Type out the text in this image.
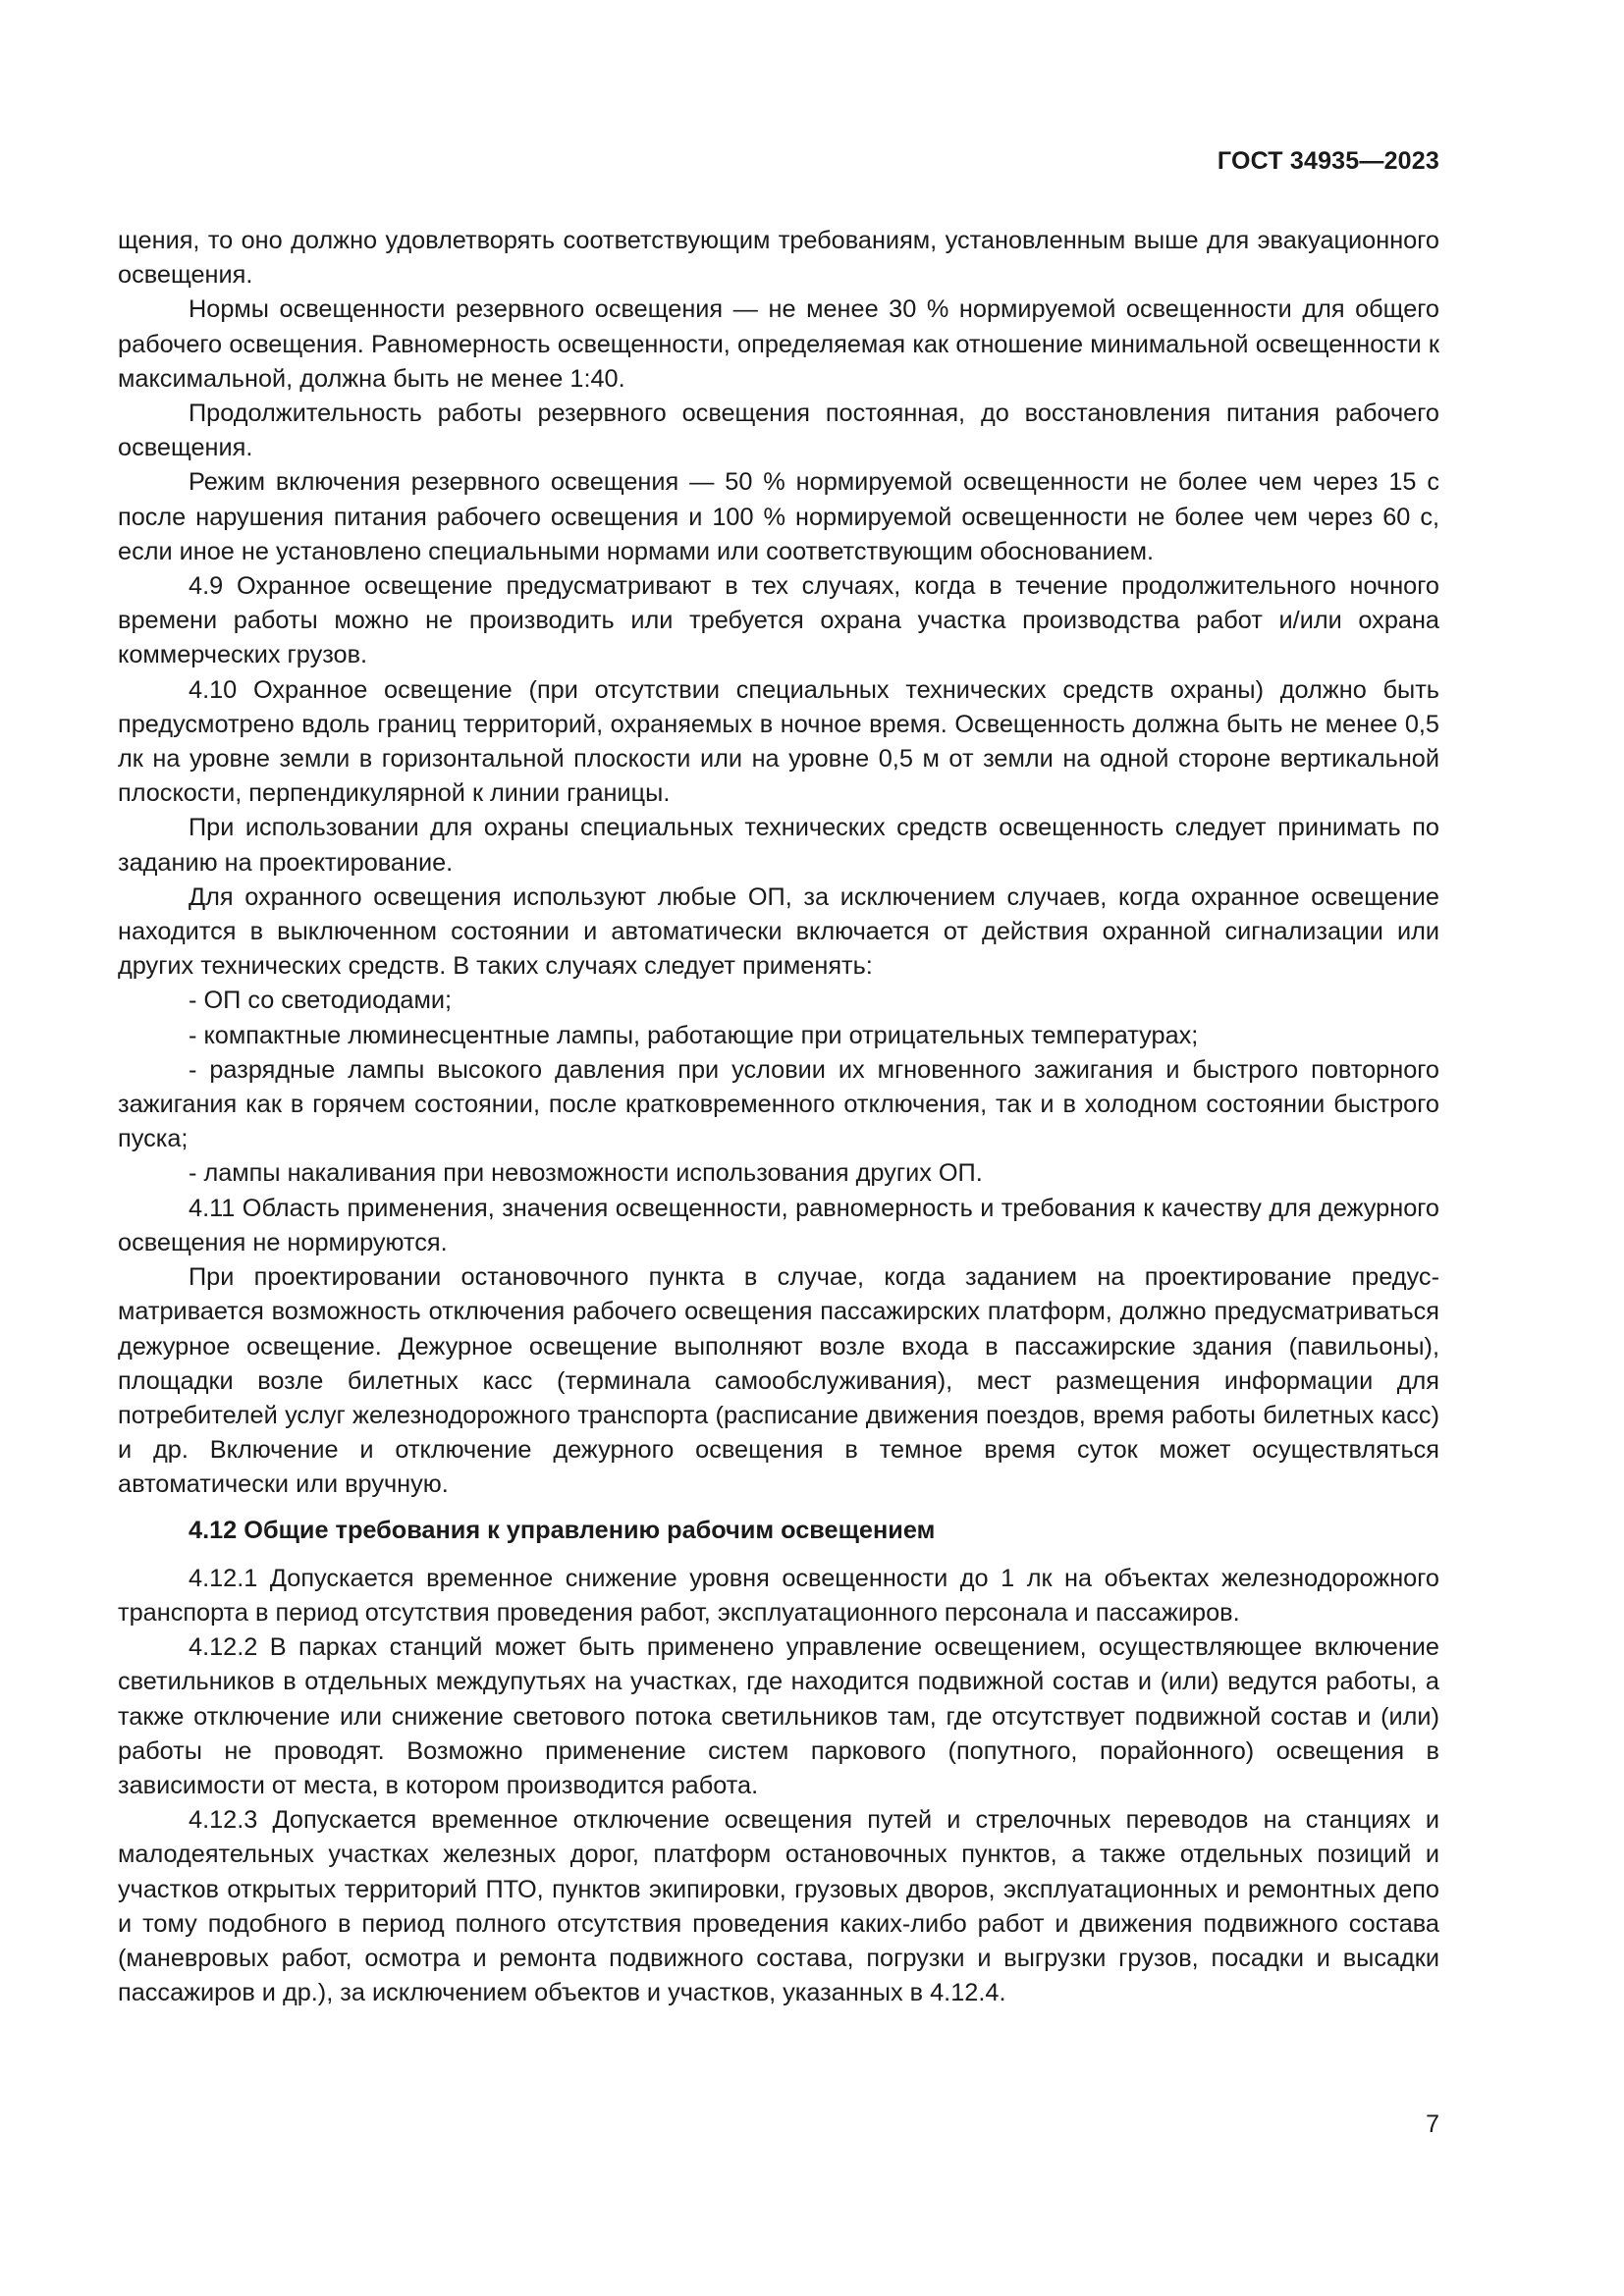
ГОСТ 34935—2023

щения, то оно должно удовлетворять соответствующим требованиям, установленным выше для эвакуационного освещения.

Нормы освещенности резервного освещения — не менее 30 % нормируемой освещенности для общего рабочего освещения. Равномерность освещенности, определяемая как отношение минимальной освещенности к максимальной, должна быть не менее 1:40.

Продолжительность работы резервного освещения постоянная, до восстановления питания рабочего освещения.

Режим включения резервного освещения — 50 % нормируемой освещенности не более чем через 15 с после нарушения питания рабочего освещения и 100 % нормируемой освещенности не более чем через 60 с, если иное не установлено специальными нормами или соответствующим обоснованием.

4.9 Охранное освещение предусматривают в тех случаях, когда в течение продолжительного ночного времени работы можно не производить или требуется охрана участка производства работ и/или охрана коммерческих грузов.

4.10 Охранное освещение (при отсутствии специальных технических средств охраны) должно быть предусмотрено вдоль границ территорий, охраняемых в ночное время. Освещенность должна быть не менее 0,5 лк на уровне земли в горизонтальной плоскости или на уровне 0,5 м от земли на одной стороне вертикальной плоскости, перпендикулярной к линии границы.

При использовании для охраны специальных технических средств освещенность следует принимать по заданию на проектирование.

Для охранного освещения используют любые ОП, за исключением случаев, когда охранное освещение находится в выключенном состоянии и автоматически включается от действия охранной сигнализации или других технических средств. В таких случаях следует применять:

- ОП со светодиодами;

- компактные люминесцентные лампы, работающие при отрицательных температурах;

- разрядные лампы высокого давления при условии их мгновенного зажигания и быстрого повторного зажигания как в горячем состоянии, после кратковременного отключения, так и в холодном состоянии быстрого пуска;

- лампы накаливания при невозможности использования других ОП.

4.11 Область применения, значения освещенности, равномерность и требования к качеству для дежурного освещения не нормируются.

При проектировании остановочного пункта в случае, когда заданием на проектирование предусматривается возможность отключения рабочего освещения пассажирских платформ, должно предусматриваться дежурное освещение. Дежурное освещение выполняют возле входа в пассажирские здания (павильоны), площадки возле билетных касс (терминала самообслуживания), мест размещения информации для потребителей услуг железнодорожного транспорта (расписание движения поездов, время работы билетных касс) и др. Включение и отключение дежурного освещения в темное время суток может осуществляться автоматически или вручную.

4.12 Общие требования к управлению рабочим освещением

4.12.1 Допускается временное снижение уровня освещенности до 1 лк на объектах железнодорожного транспорта в период отсутствия проведения работ, эксплуатационного персонала и пассажиров.

4.12.2 В парках станций может быть применено управление освещением, осуществляющее включение светильников в отдельных междупутьях на участках, где находится подвижной состав и (или) ведутся работы, а также отключение или снижение светового потока светильников там, где отсутствует подвижной состав и (или) работы не проводят. Возможно применение систем паркового (попутного, порайонного) освещения в зависимости от места, в котором производится работа.

4.12.3 Допускается временное отключение освещения путей и стрелочных переводов на станциях и малодеятельных участках железных дорог, платформ остановочных пунктов, а также отдельных позиций и участков открытых территорий ПТО, пунктов экипировки, грузовых дворов, эксплуатационных и ремонтных депо и тому подобного в период полного отсутствия проведения каких-либо работ и движения подвижного состава (маневровых работ, осмотра и ремонта подвижного состава, погрузки и выгрузки грузов, посадки и высадки пассажиров и др.), за исключением объектов и участков, указанных в 4.12.4.

7
